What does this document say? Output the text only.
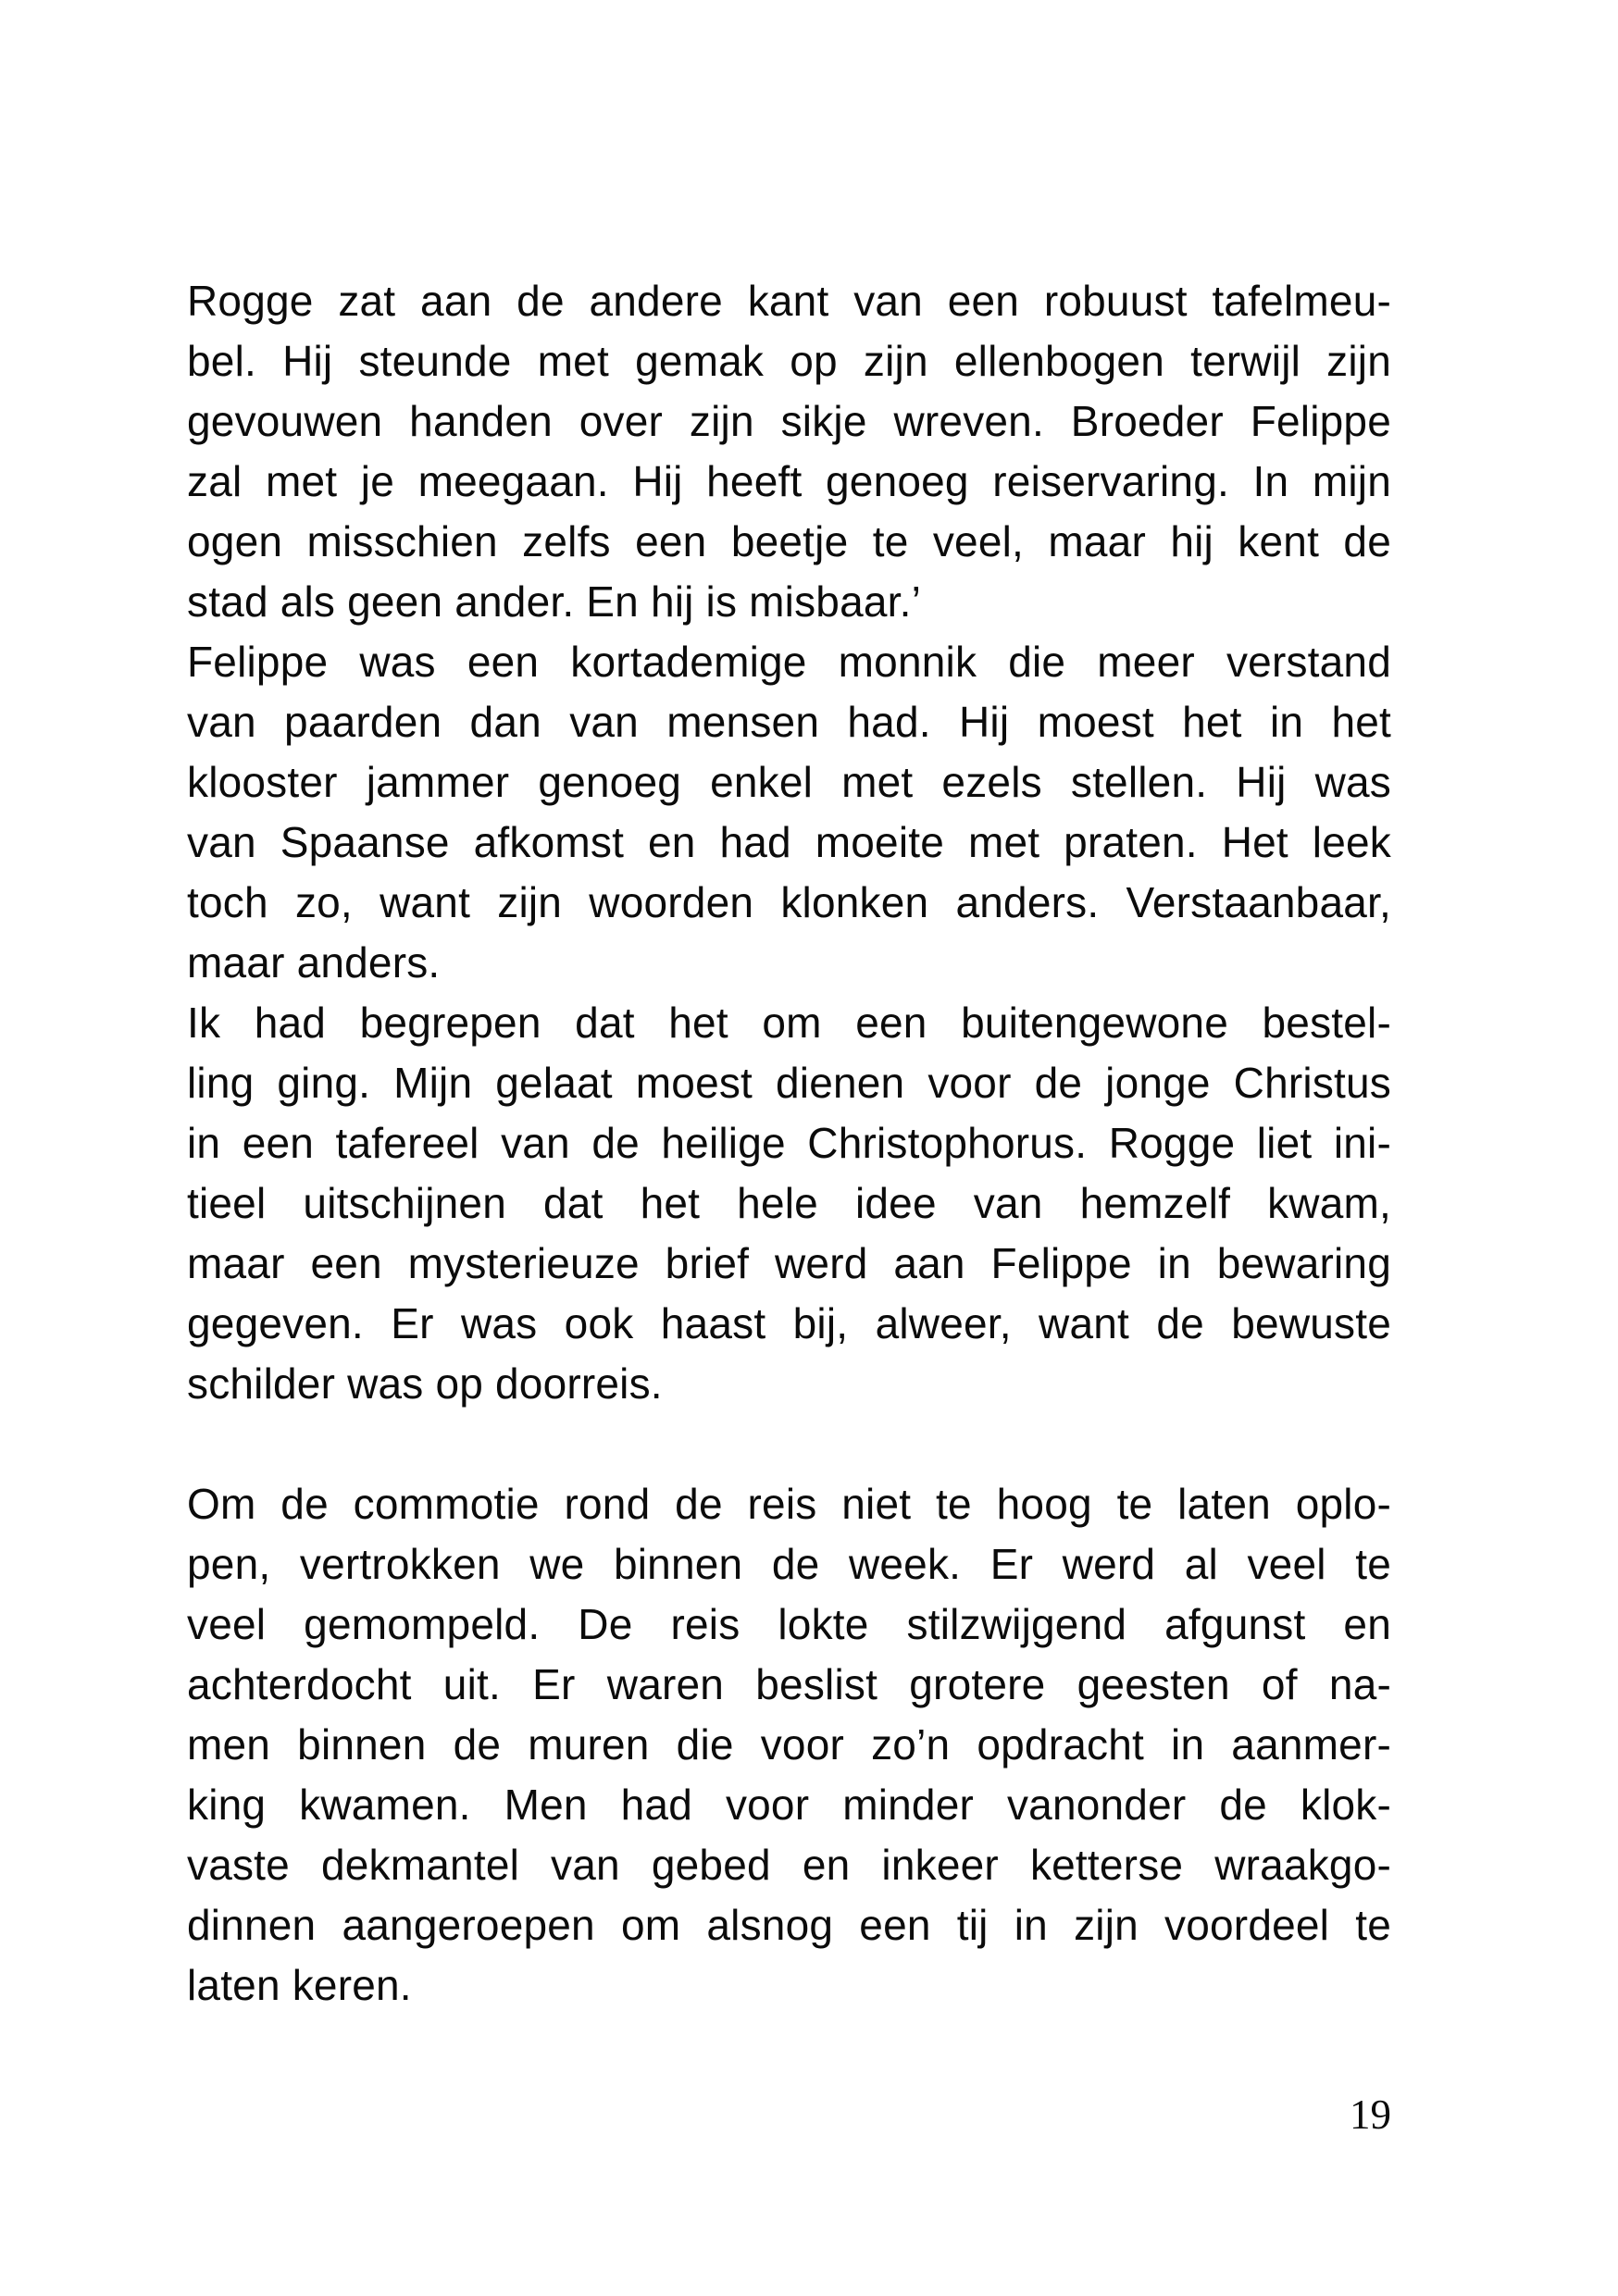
Rogge zat aan de andere kant van een robuust tafelmeu-
bel. Hij steunde met gemak op zijn ellenbogen terwijl zijn
gevouwen handen over zijn sikje wreven. Broeder Felippe
zal met je meegaan. Hij heeft genoeg reiservaring. In mijn
ogen misschien zelfs een beetje te veel, maar hij kent de
stad als geen ander. En hij is misbaar.’
Felippe was een kortademige monnik die meer verstand
van paarden dan van mensen had. Hij moest het in het
klooster jammer genoeg enkel met ezels stellen. Hij was
van Spaanse afkomst en had moeite met praten. Het leek
toch zo, want zijn woorden klonken anders. Verstaanbaar,
maar anders.
Ik had begrepen dat het om een buitengewone bestel-
ling ging. Mijn gelaat moest dienen voor de jonge Christus
in een tafereel van de heilige Christophorus. Rogge liet ini-
tieel uitschijnen dat het hele idee van hemzelf kwam,
maar een mysterieuze brief werd aan Felippe in bewaring
gegeven. Er was ook haast bij, alweer, want de bewuste
schilder was op doorreis.
Om de commotie rond de reis niet te hoog te laten oplo-
pen, vertrokken we binnen de week. Er werd al veel te
veel gemompeld. De reis lokte stilzwijgend afgunst en
achterdocht uit. Er waren beslist grotere geesten of na-
men binnen de muren die voor zo’n opdracht in aanmer-
king kwamen. Men had voor minder vanonder de klok-
vaste dekmantel van gebed en inkeer ketterse wraakgo-
dinnen aangeroepen om alsnog een tij in zijn voordeel te
laten keren.
19
